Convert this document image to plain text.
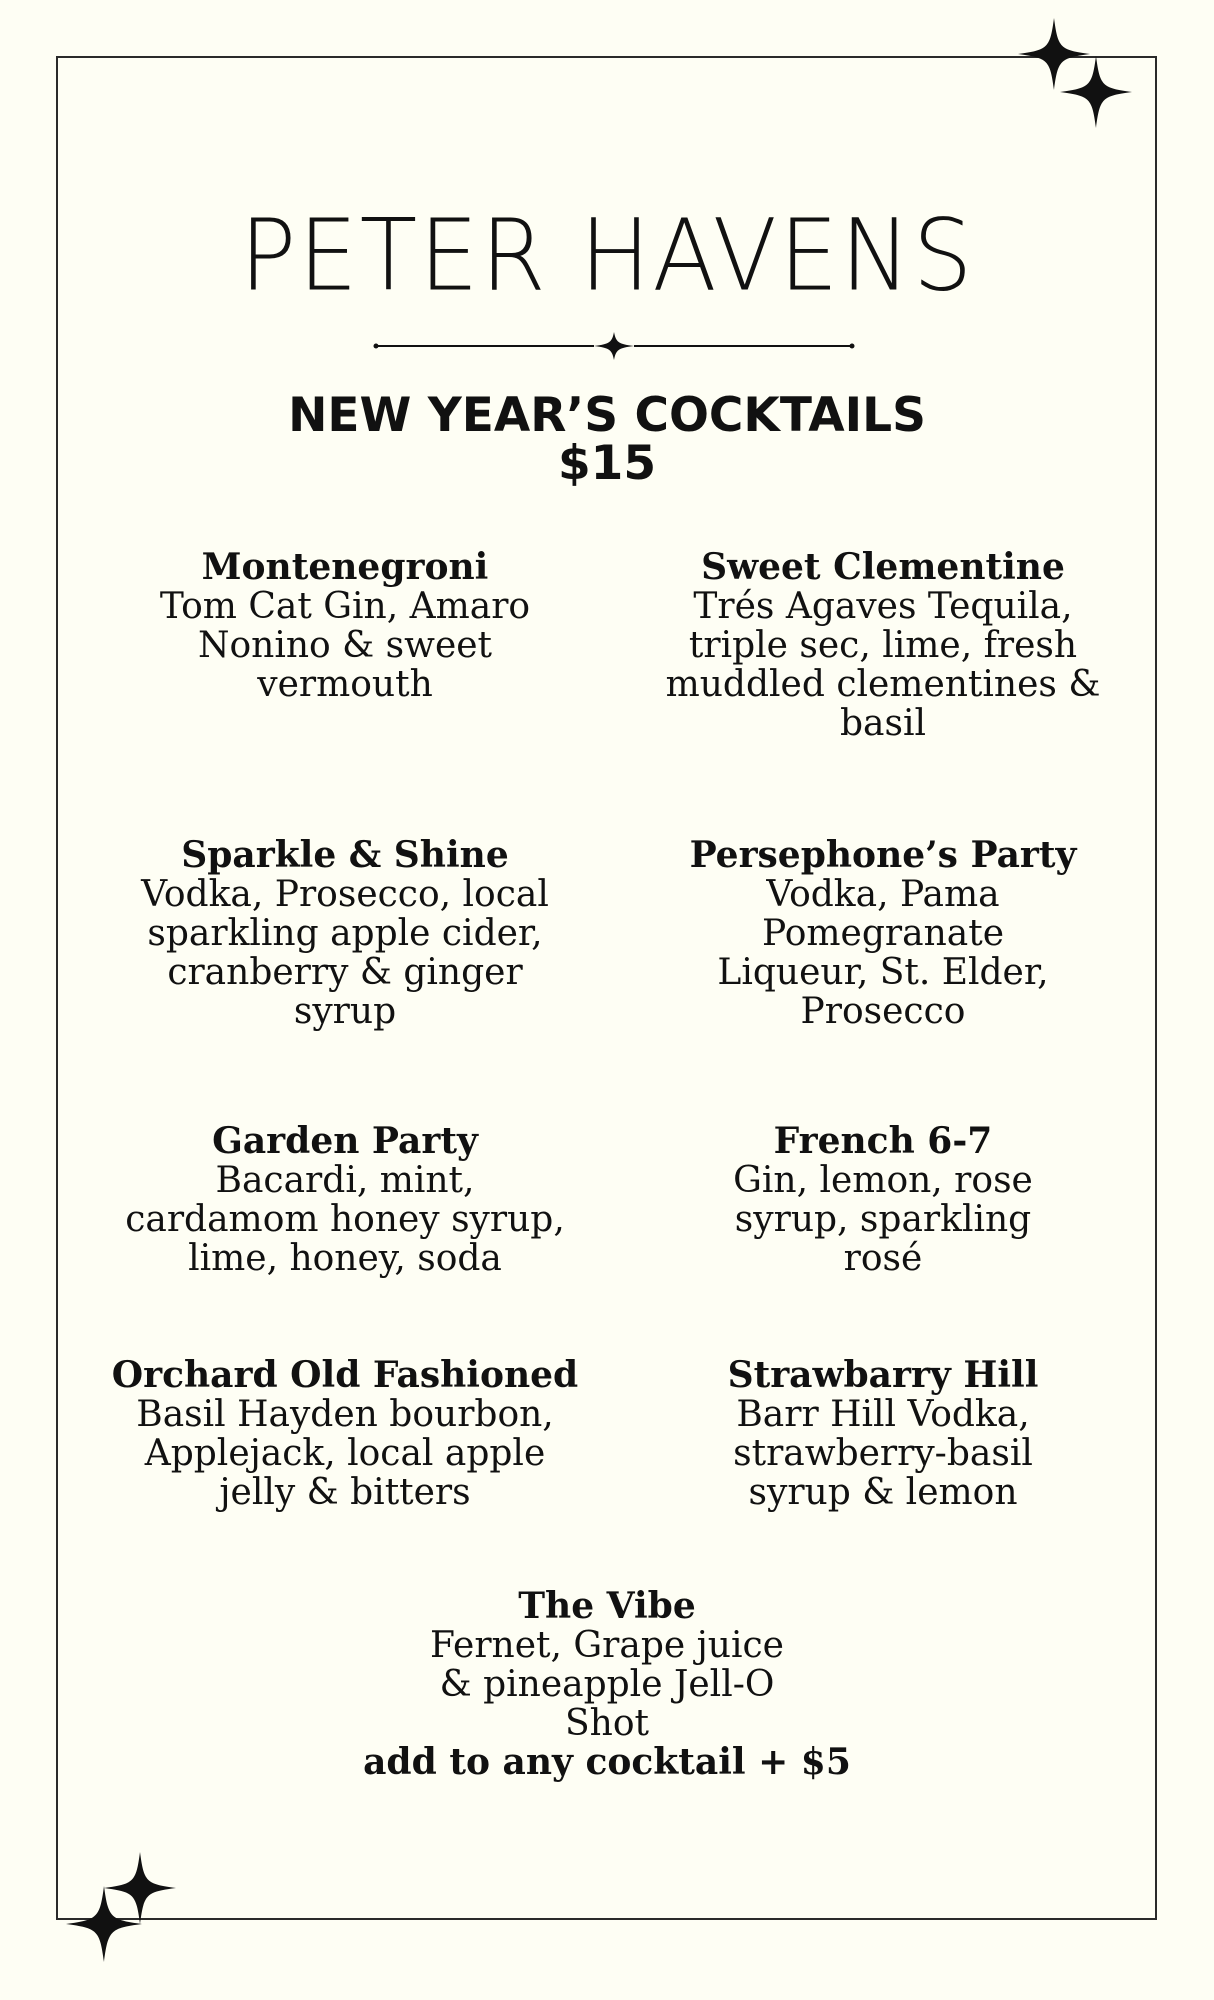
PETER HAVENS
NEW YEAR’S COCKTAILS
$15
Montenegroni
Tom Cat Gin, Amaro Nonino & sweet vermouth
Sweet Clementine
Trés Agaves Tequila, triple sec, lime, fresh muddled clementines & basil
Sparkle & Shine
Vodka, Prosecco, local sparkling apple cider, cranberry & ginger syrup
Persephone’s Party
Vodka, Pama Pomegranate Liqueur, St. Elder, Prosecco
Garden Party
Bacardi, mint, cardamom honey syrup, lime, honey, soda
French 6-7
Gin, lemon, rose syrup, sparkling rosé
Orchard Old Fashioned
Basil Hayden bourbon, Applejack, local apple jelly & bitters
Strawbarry Hill
Barr Hill Vodka, strawberry-basil syrup & lemon
The Vibe
Fernet, Grape juice & pineapple Jell-O Shot
add to any cocktail + $5
